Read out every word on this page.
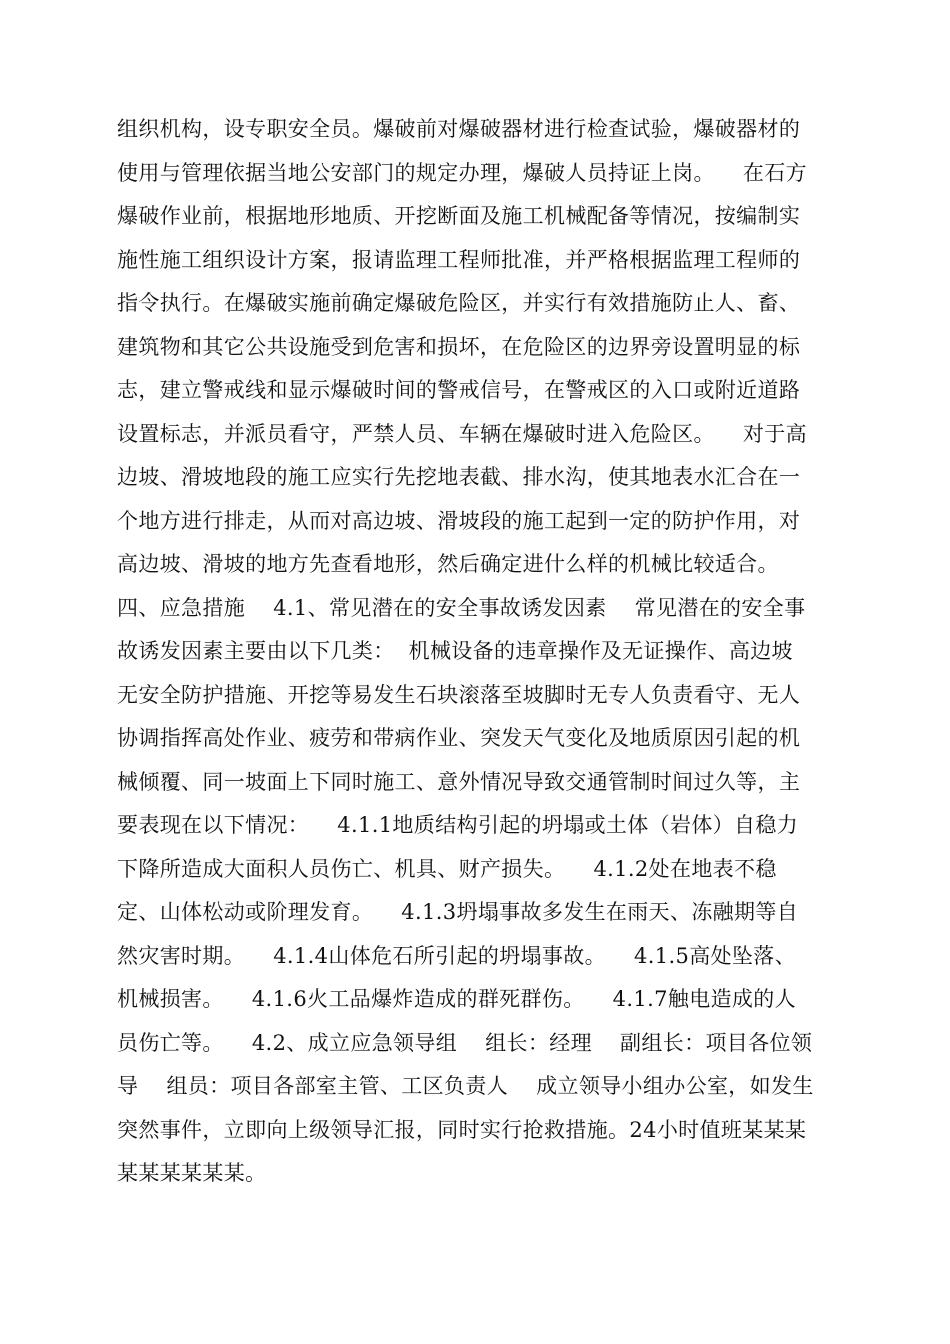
组织机构，设专职安全员。爆破前对爆破器材进行检查试验，爆破器材的
使用与管理依据当地公安部门的规定办理，爆破人员持证上岗。    在石方
爆破作业前，根据地形地质、开挖断面及施工机械配备等情况，按编制实
施性施工组织设计方案，报请监理工程师批准，并严格根据监理工程师的
指令执行。在爆破实施前确定爆破危险区，并实行有效措施防止人、畜、
建筑物和其它公共设施受到危害和损坏，在危险区的边界旁设置明显的标
志，建立警戒线和显示爆破时间的警戒信号，在警戒区的入口或附近道路
设置标志，并派员看守，严禁人员、车辆在爆破时进入危险区。    对于高
边坡、滑坡地段的施工应实行先挖地表截、排水沟，使其地表水汇合在一
个地方进行排走，从而对高边坡、滑坡段的施工起到一定的防护作用，对
高边坡、滑坡的地方先查看地形，然后确定进什么样的机械比较适合。
四、应急措施    4.1、常见潜在的安全事故诱发因素    常见潜在的安全事
故诱发因素主要由以下几类：  机械设备的违章操作及无证操作、高边坡
无安全防护措施、开挖等易发生石块滚落至坡脚时无专人负责看守、无人
协调指挥高处作业、疲劳和带病作业、突发天气变化及地质原因引起的机
械倾覆、同一坡面上下同时施工、意外情况导致交通管制时间过久等，主
要表现在以下情况：    4.1.1地质结构引起的坍塌或土体（岩体）自稳力
下降所造成大面积人员伤亡、机具、财产损失。    4.1.2处在地表不稳
定、山体松动或阶理发育。    4.1.3坍塌事故多发生在雨天、冻融期等自
然灾害时期。    4.1.4山体危石所引起的坍塌事故。    4.1.5高处坠落、
机械损害。    4.1.6火工品爆炸造成的群死群伤。    4.1.7触电造成的人
员伤亡等。    4.2、成立应急领导组    组长：经理    副组长：项目各位领
导    组员：项目各部室主管、工区负责人    成立领导小组办公室，如发生
突然事件，立即向上级领导汇报，同时实行抢救措施。24小时值班某某某
某某某某某某。
